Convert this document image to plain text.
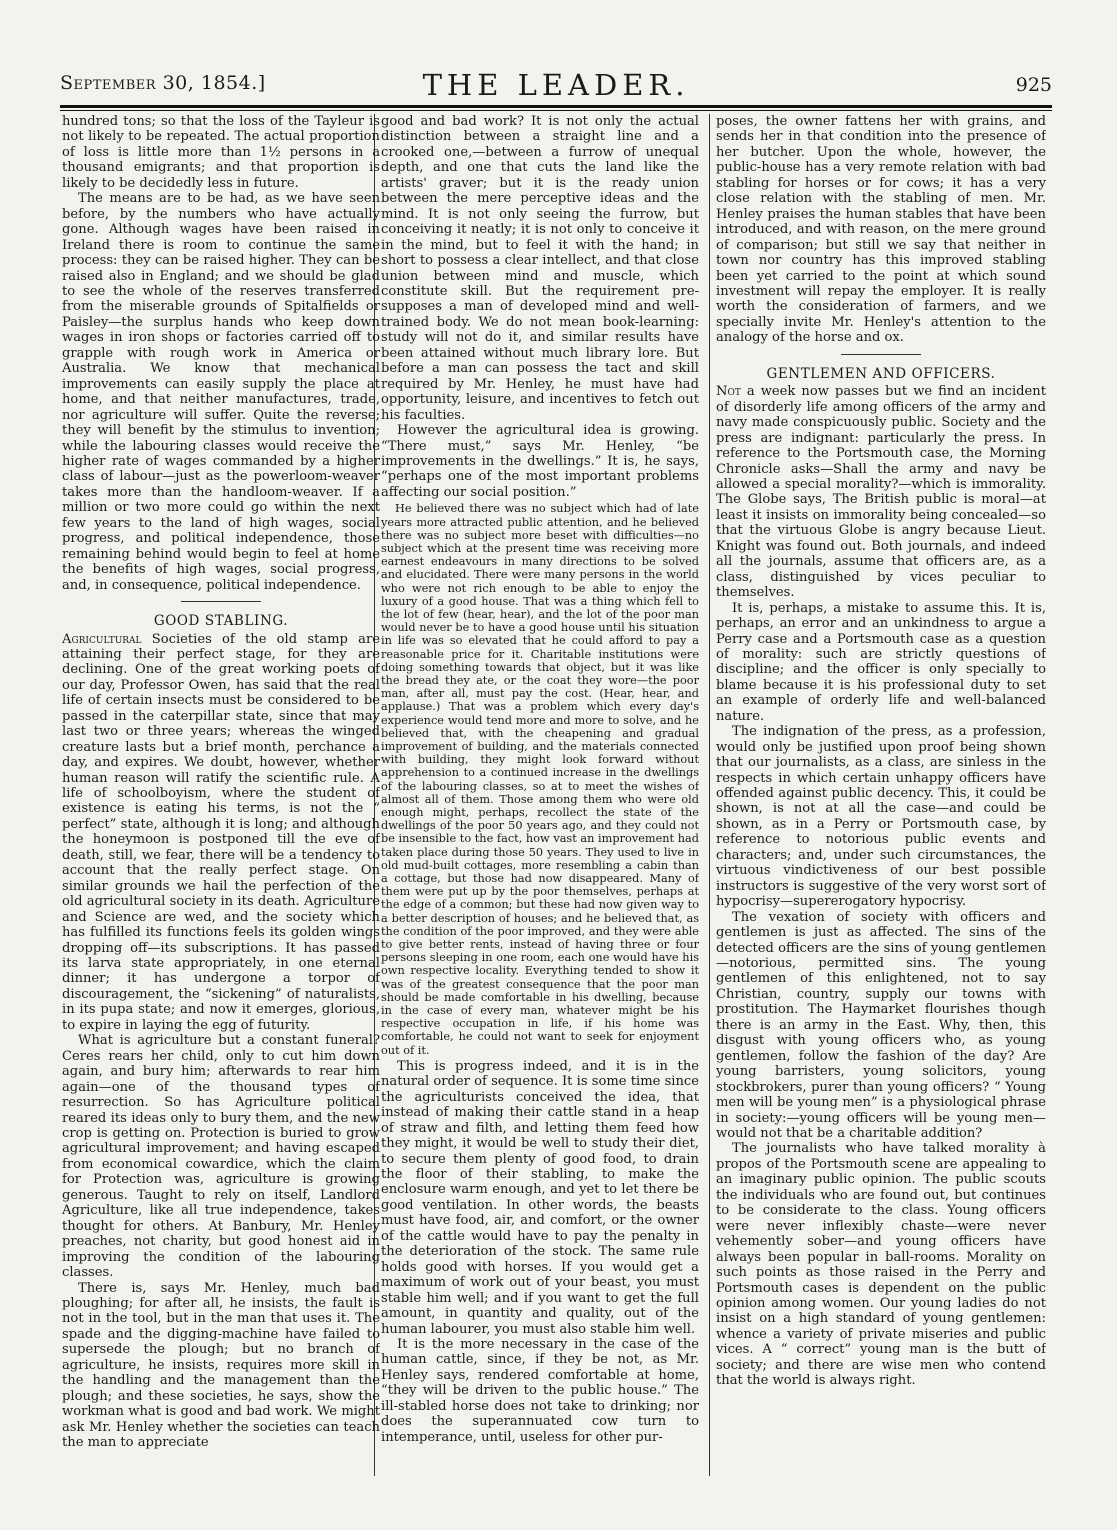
September 30, 1854.]	THE LEADER.	925

hundred tons; so that the loss of the Tayleur is not likely to be repeated. The actual proportion of loss is little more than 1½ persons in a thousand emigrants; and that proportion is likely to be decidedly less in future.

The means are to be had, as we have seen before, by the numbers who have actually gone. Although wages have been raised in Ireland there is room to continue the same process: they can be raised higher. They can be raised also in England; and we should be glad to see the whole of the reserves transferred from the miserable grounds of Spitalfields or Paisley—the surplus hands who keep down wages in iron shops or factories carried off to grapple with rough work in America or Australia. We know that mechanical improvements can easily supply the place at home, and that neither manufactures, trade, nor agriculture will suffer. Quite the reverse; they will benefit by the stimulus to invention; while the labouring classes would receive the higher rate of wages commanded by a higher class of labour—just as the powerloom-weaver takes more than the handloom-weaver. If a million or two more could go within the next few years to the land of high wages, social progress, and political independence, those remaining behind would begin to feel at home the benefits of high wages, social progress, and, in consequence, political independence.

GOOD STABLING.

Agricultural Societies of the old stamp are attaining their perfect stage, for they are declining. One of the great working poets of our day, Professor Owen, has said that the real life of certain insects must be considered to be passed in the caterpillar state, since that may last two or three years; whereas the winged creature lasts but a brief month, perchance a day, and expires. We doubt, however, whether human reason will ratify the scientific rule. A life of schoolboyism, where the student of existence is eating his terms, is not the “ perfect” state, although it is long; and although the honeymoon is postponed till the eve of death, still, we fear, there will be a tendency to account that the really perfect stage. On similar grounds we hail the perfection of the old agricultural society in its death. Agriculture and Science are wed, and the society which has fulfilled its functions feels its golden wings dropping off—its subscriptions. It has passed its larva state appropriately, in one eternal dinner; it has undergone a torpor of discouragement, the “sickening” of naturalists, in its pupa state; and now it emerges, glorious, to expire in laying the egg of futurity.

What is agriculture but a constant funeral? Ceres rears her child, only to cut him down again, and bury him; afterwards to rear him again—one of the thousand types of resurrection. So has Agriculture political reared its ideas only to bury them, and the new crop is getting on. Protection is buried to grow agricultural improvement; and having escaped from economical cowardice, which the claim for Protection was, agriculture is growing generous. Taught to rely on itself, Landlord Agriculture, like all true independence, takes thought for others. At Banbury, Mr. Henley preaches, not charity, but good honest aid in improving the condition of the labouring classes.

There is, says Mr. Henley, much bad ploughing; for after all, he insists, the fault is not in the tool, but in the man that uses it. The spade and the digging-machine have failed to supersede the plough; but no branch of agriculture, he insists, requires more skill in the handling and the management than the plough; and these societies, he says, show the workman what is good and bad work. We might ask Mr. Henley whether the societies can teach the man to appreciate

good and bad work? It is not only the actual distinction between a straight line and a crooked one,—between a furrow of unequal depth, and one that cuts the land like the artists' graver; but it is the ready union between the mere perceptive ideas and the mind. It is not only seeing the furrow, but conceiving it neatly; it is not only to conceive it in the mind, but to feel it with the hand; in short to possess a clear intellect, and that close union between mind and muscle, which constitute skill. But the requirement pre-supposes a man of developed mind and well-trained body. We do not mean book-learning: study will not do it, and similar results have been attained without much library lore. But before a man can possess the tact and skill required by Mr. Henley, he must have had opportunity, leisure, and incentives to fetch out his faculties.

However the agricultural idea is growing. “There must,” says Mr. Henley, “be improvements in the dwellings.” It is, he says, “perhaps one of the most important problems affecting our social position.”

He believed there was no subject which had of late years more attracted public attention, and he believed there was no subject more beset with difficulties—no subject which at the present time was receiving more earnest endeavours in many directions to be solved and elucidated. There were many persons in the world who were not rich enough to be able to enjoy the luxury of a good house. That was a thing which fell to the lot of few (hear, hear), and the lot of the poor man would never be to have a good house until his situation in life was so elevated that he could afford to pay a reasonable price for it. Charitable institutions were doing something towards that object, but it was like the bread they ate, or the coat they wore—the poor man, after all, must pay the cost. (Hear, hear, and applause.) That was a problem which every day's experience would tend more and more to solve, and he believed that, with the cheapening and gradual improvement of building, and the materials connected with building, they might look forward without apprehension to a continued increase in the dwellings of the labouring classes, so at to meet the wishes of almost all of them. Those among them who were old enough might, perhaps, recollect the state of the dwellings of the poor 50 years ago, and they could not be insensible to the fact, how vast an improvement had taken place during those 50 years. They used to live in old mud-built cottages, more resembling a cabin than a cottage, but those had now disappeared. Many of them were put up by the poor themselves, perhaps at the edge of a common; but these had now given way to a better description of houses; and he believed that, as the condition of the poor improved, and they were able to give better rents, instead of having three or four persons sleeping in one room, each one would have his own respective locality. Everything tended to show it was of the greatest consequence that the poor man should be made comfortable in his dwelling, because in the case of every man, whatever might be his respective occupation in life, if his home was comfortable, he could not want to seek for enjoyment out of it.

This is progress indeed, and it is in the natural order of sequence. It is some time since the agriculturists conceived the idea, that instead of making their cattle stand in a heap of straw and filth, and letting them feed how they might, it would be well to study their diet, to secure them plenty of good food, to drain the floor of their stabling, to make the enclosure warm enough, and yet to let there be good ventilation. In other words, the beasts must have food, air, and comfort, or the owner of the cattle would have to pay the penalty in the deterioration of the stock. The same rule holds good with horses. If you would get a maximum of work out of your beast, you must stable him well; and if you want to get the full amount, in quantity and quality, out of the human labourer, you must also stable him well.

It is the more necessary in the case of the human cattle, since, if they be not, as Mr. Henley says, rendered comfortable at home, “they will be driven to the public house.” The ill-stabled horse does not take to drinking; nor does the superannuated cow turn to intemperance, until, useless for other pur-

poses, the owner fattens her with grains, and sends her in that condition into the presence of her butcher. Upon the whole, however, the public-house has a very remote relation with bad stabling for horses or for cows; it has a very close relation with the stabling of men. Mr. Henley praises the human stables that have been introduced, and with reason, on the mere ground of comparison; but still we say that neither in town nor country has this improved stabling been yet carried to the point at which sound investment will repay the employer. It is really worth the consideration of farmers, and we specially invite Mr. Henley's attention to the analogy of the horse and ox.

GENTLEMEN AND OFFICERS.

Not a week now passes but we find an incident of disorderly life among officers of the army and navy made conspicuously public. Society and the press are indignant: particularly the press. In reference to the Portsmouth case, the Morning Chronicle asks—Shall the army and navy be allowed a special morality?—which is immorality. The Globe says, The British public is moral—at least it insists on immorality being concealed—so that the virtuous Globe is angry because Lieut. Knight was found out. Both journals, and indeed all the journals, assume that officers are, as a class, distinguished by vices peculiar to themselves.

It is, perhaps, a mistake to assume this. It is, perhaps, an error and an unkindness to argue a Perry case and a Portsmouth case as a question of morality: such are strictly questions of discipline; and the officer is only specially to blame because it is his professional duty to set an example of orderly life and well-balanced nature.

The indignation of the press, as a profession, would only be justified upon proof being shown that our journalists, as a class, are sinless in the respects in which certain unhappy officers have offended against public decency. This, it could be shown, is not at all the case—and could be shown, as in a Perry or Portsmouth case, by reference to notorious public events and characters; and, under such circumstances, the virtuous vindictiveness of our best possible instructors is suggestive of the very worst sort of hypocrisy—supererogatory hypocrisy.

The vexation of society with officers and gentlemen is just as affected. The sins of the detected officers are the sins of young gentlemen—notorious, permitted sins. The young gentlemen of this enlightened, not to say Christian, country, supply our towns with prostitution. The Haymarket flourishes though there is an army in the East. Why, then, this disgust with young officers who, as young gentlemen, follow the fashion of the day? Are young barristers, young solicitors, young stockbrokers, purer than young officers? “ Young men will be young men” is a physiological phrase in society:—young officers will be young men—would not that be a charitable addition?

The journalists who have talked morality à propos of the Portsmouth scene are appealing to an imaginary public opinion. The public scouts the individuals who are found out, but continues to be considerate to the class. Young officers were never inflexibly chaste—were never vehemently sober—and young officers have always been popular in ball-rooms. Morality on such points as those raised in the Perry and Portsmouth cases is dependent on the public opinion among women. Our young ladies do not insist on a high standard of young gentlemen: whence a variety of private miseries and public vices. A “ correct” young man is the butt of society; and there are wise men who contend that the world is always right.
